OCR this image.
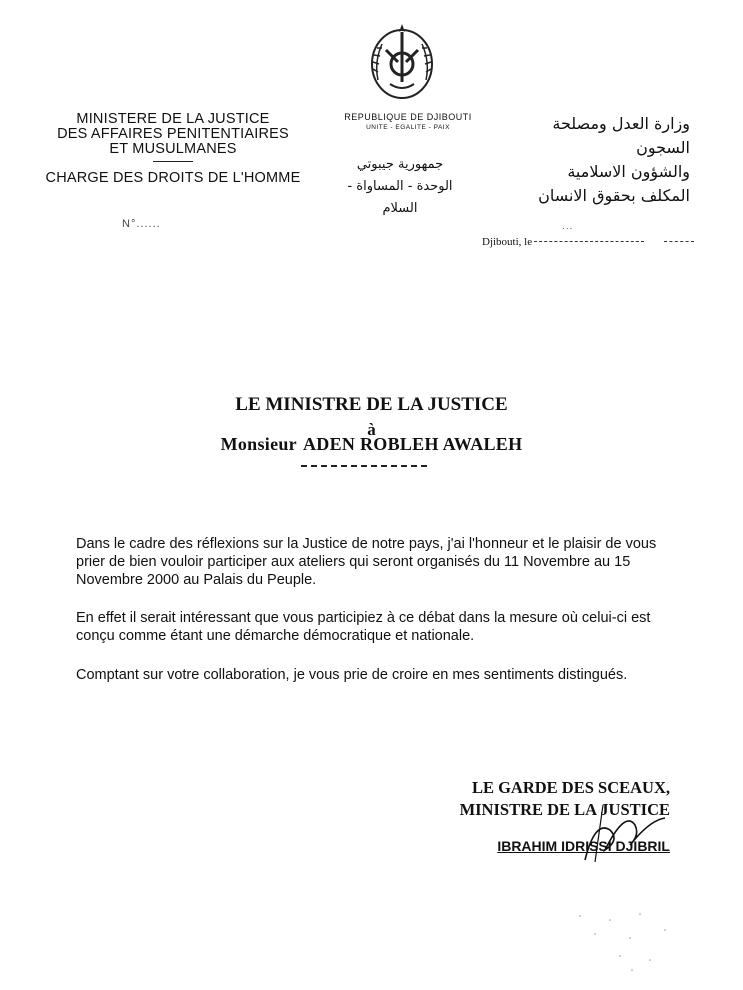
MINISTERE DE LA JUSTICE
DES AFFAIRES PENITENTIAIRES
ET MUSULMANES
CHARGE DES DROITS DE L'HOMME
N°......
REPUBLIQUE DE DJIBOUTI
UNITE - EGALITE - PAIX
جمهورية جيبوتي
الوحدة - المساواة - السلام
وزارة العدل ومصلحة السجون
والشؤون الاسلامية
المكلف بحقوق الانسان
...
Djibouti, le
LE MINISTRE DE LA JUSTICE
à
Monsieur ADEN ROBLEH AWALEH
Dans le cadre des réflexions sur la Justice de notre pays, j'ai l'honneur et le plaisir de vous prier de bien vouloir participer aux ateliers qui seront organisés du 11 Novembre au 15 Novembre 2000 au Palais du Peuple.
En effet il serait intéressant que vous participiez à ce débat dans la mesure où celui-ci est conçu comme étant une démarche démocratique et nationale.
Comptant sur votre collaboration, je vous prie de croire en mes sentiments distingués.
LE GARDE DES SCEAUX,
MINISTRE DE LA JUSTICE
IBRAHIM IDRISSI DJIBRIL
